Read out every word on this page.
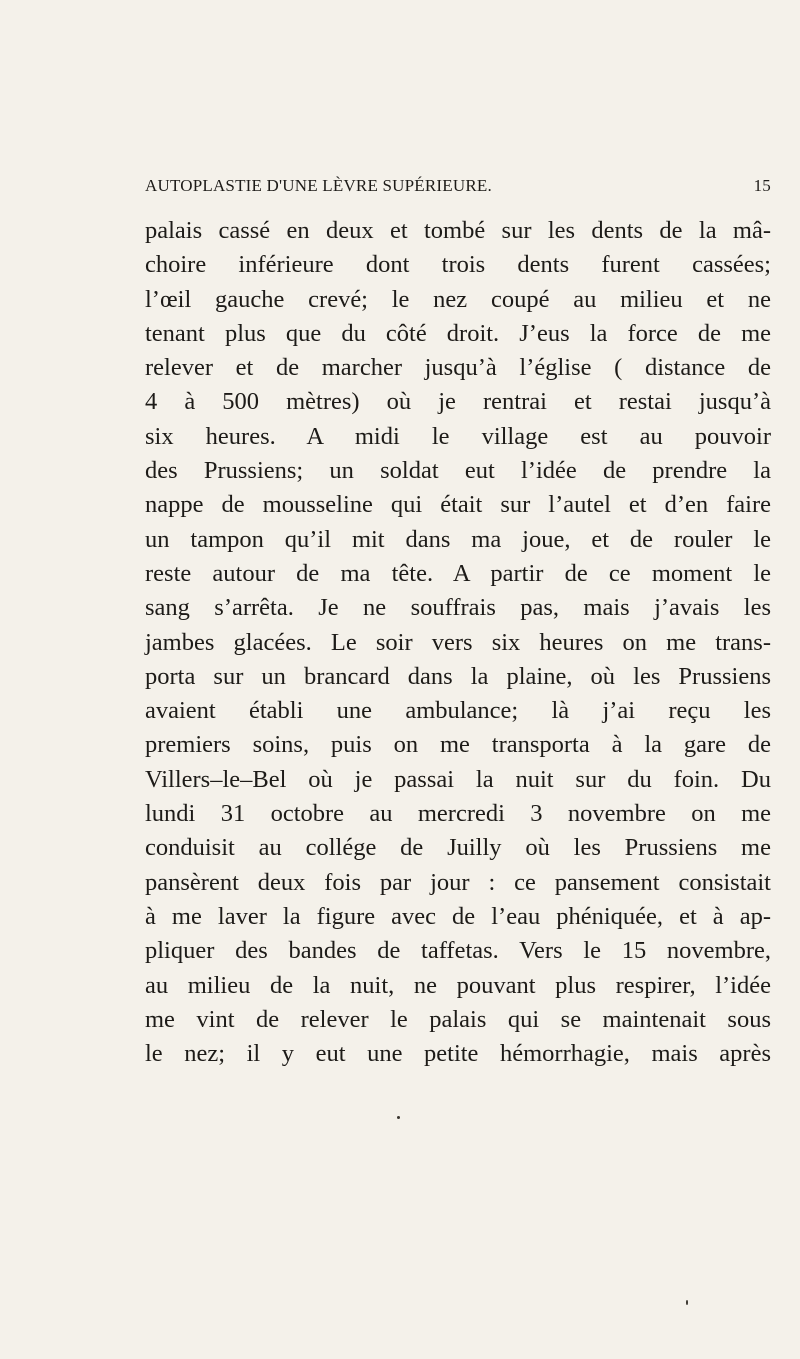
AUTOPLASTIE D'UNE LÈVRE SUPÉRIEURE.	15
palais cassé en deux et tombé sur les dents de la mâ-
choire inférieure dont trois dents furent cassées;
l’œil gauche crevé; le nez coupé au milieu et ne
tenant plus que du côté droit. J’eus la force de me
relever et de marcher jusqu’à l’église ( distance de
4 à 500 mètres) où je rentrai et restai jusqu’à
six heures. A midi le village est au pouvoir
des Prussiens; un soldat eut l’idée de prendre la
nappe de mousseline qui était sur l’autel et d’en faire
un tampon qu’il mit dans ma joue, et de rouler le
reste autour de ma tête. A partir de ce moment le
sang s’arrêta. Je ne souffrais pas, mais j’avais les
jambes glacées. Le soir vers six heures on me trans-
porta sur un brancard dans la plaine, où les Prussiens
avaient établi une ambulance; là j’ai reçu les
premiers soins, puis on me transporta à la gare de
Villers–le–Bel où je passai la nuit sur du foin. Du
lundi 31 octobre au mercredi 3 novembre on me
conduisit au collége de Juilly où les Prussiens me
pansèrent deux fois par jour : ce pansement consistait
à me laver la figure avec de l’eau phéniquée, et à ap-
pliquer des bandes de taffetas. Vers le 15 novembre,
au milieu de la nuit, ne pouvant plus respirer, l’idée
me vint de relever le palais qui se maintenait sous
le nez; il y eut une petite hémorrhagie, mais après
